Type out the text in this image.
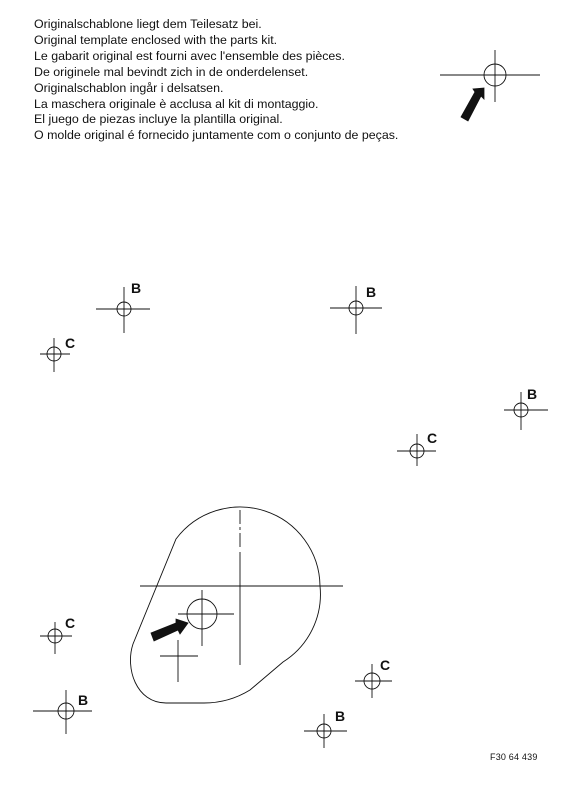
Originalschablone liegt dem Teilesatz bei.
Original template enclosed with the parts kit.
Le gabarit original est fourni avec l'ensemble des pièces.
De originele mal bevindt zich in de onderdelenset.
Originalschablon ingår i delsatsen.
La maschera originale è acclusa al kit di montaggio.
El juego de piezas incluye la plantilla original.
O molde original é fornecido juntamente com o conjunto de peças.
B	B
B
B
B
C
C
C
C
F30 64 439
